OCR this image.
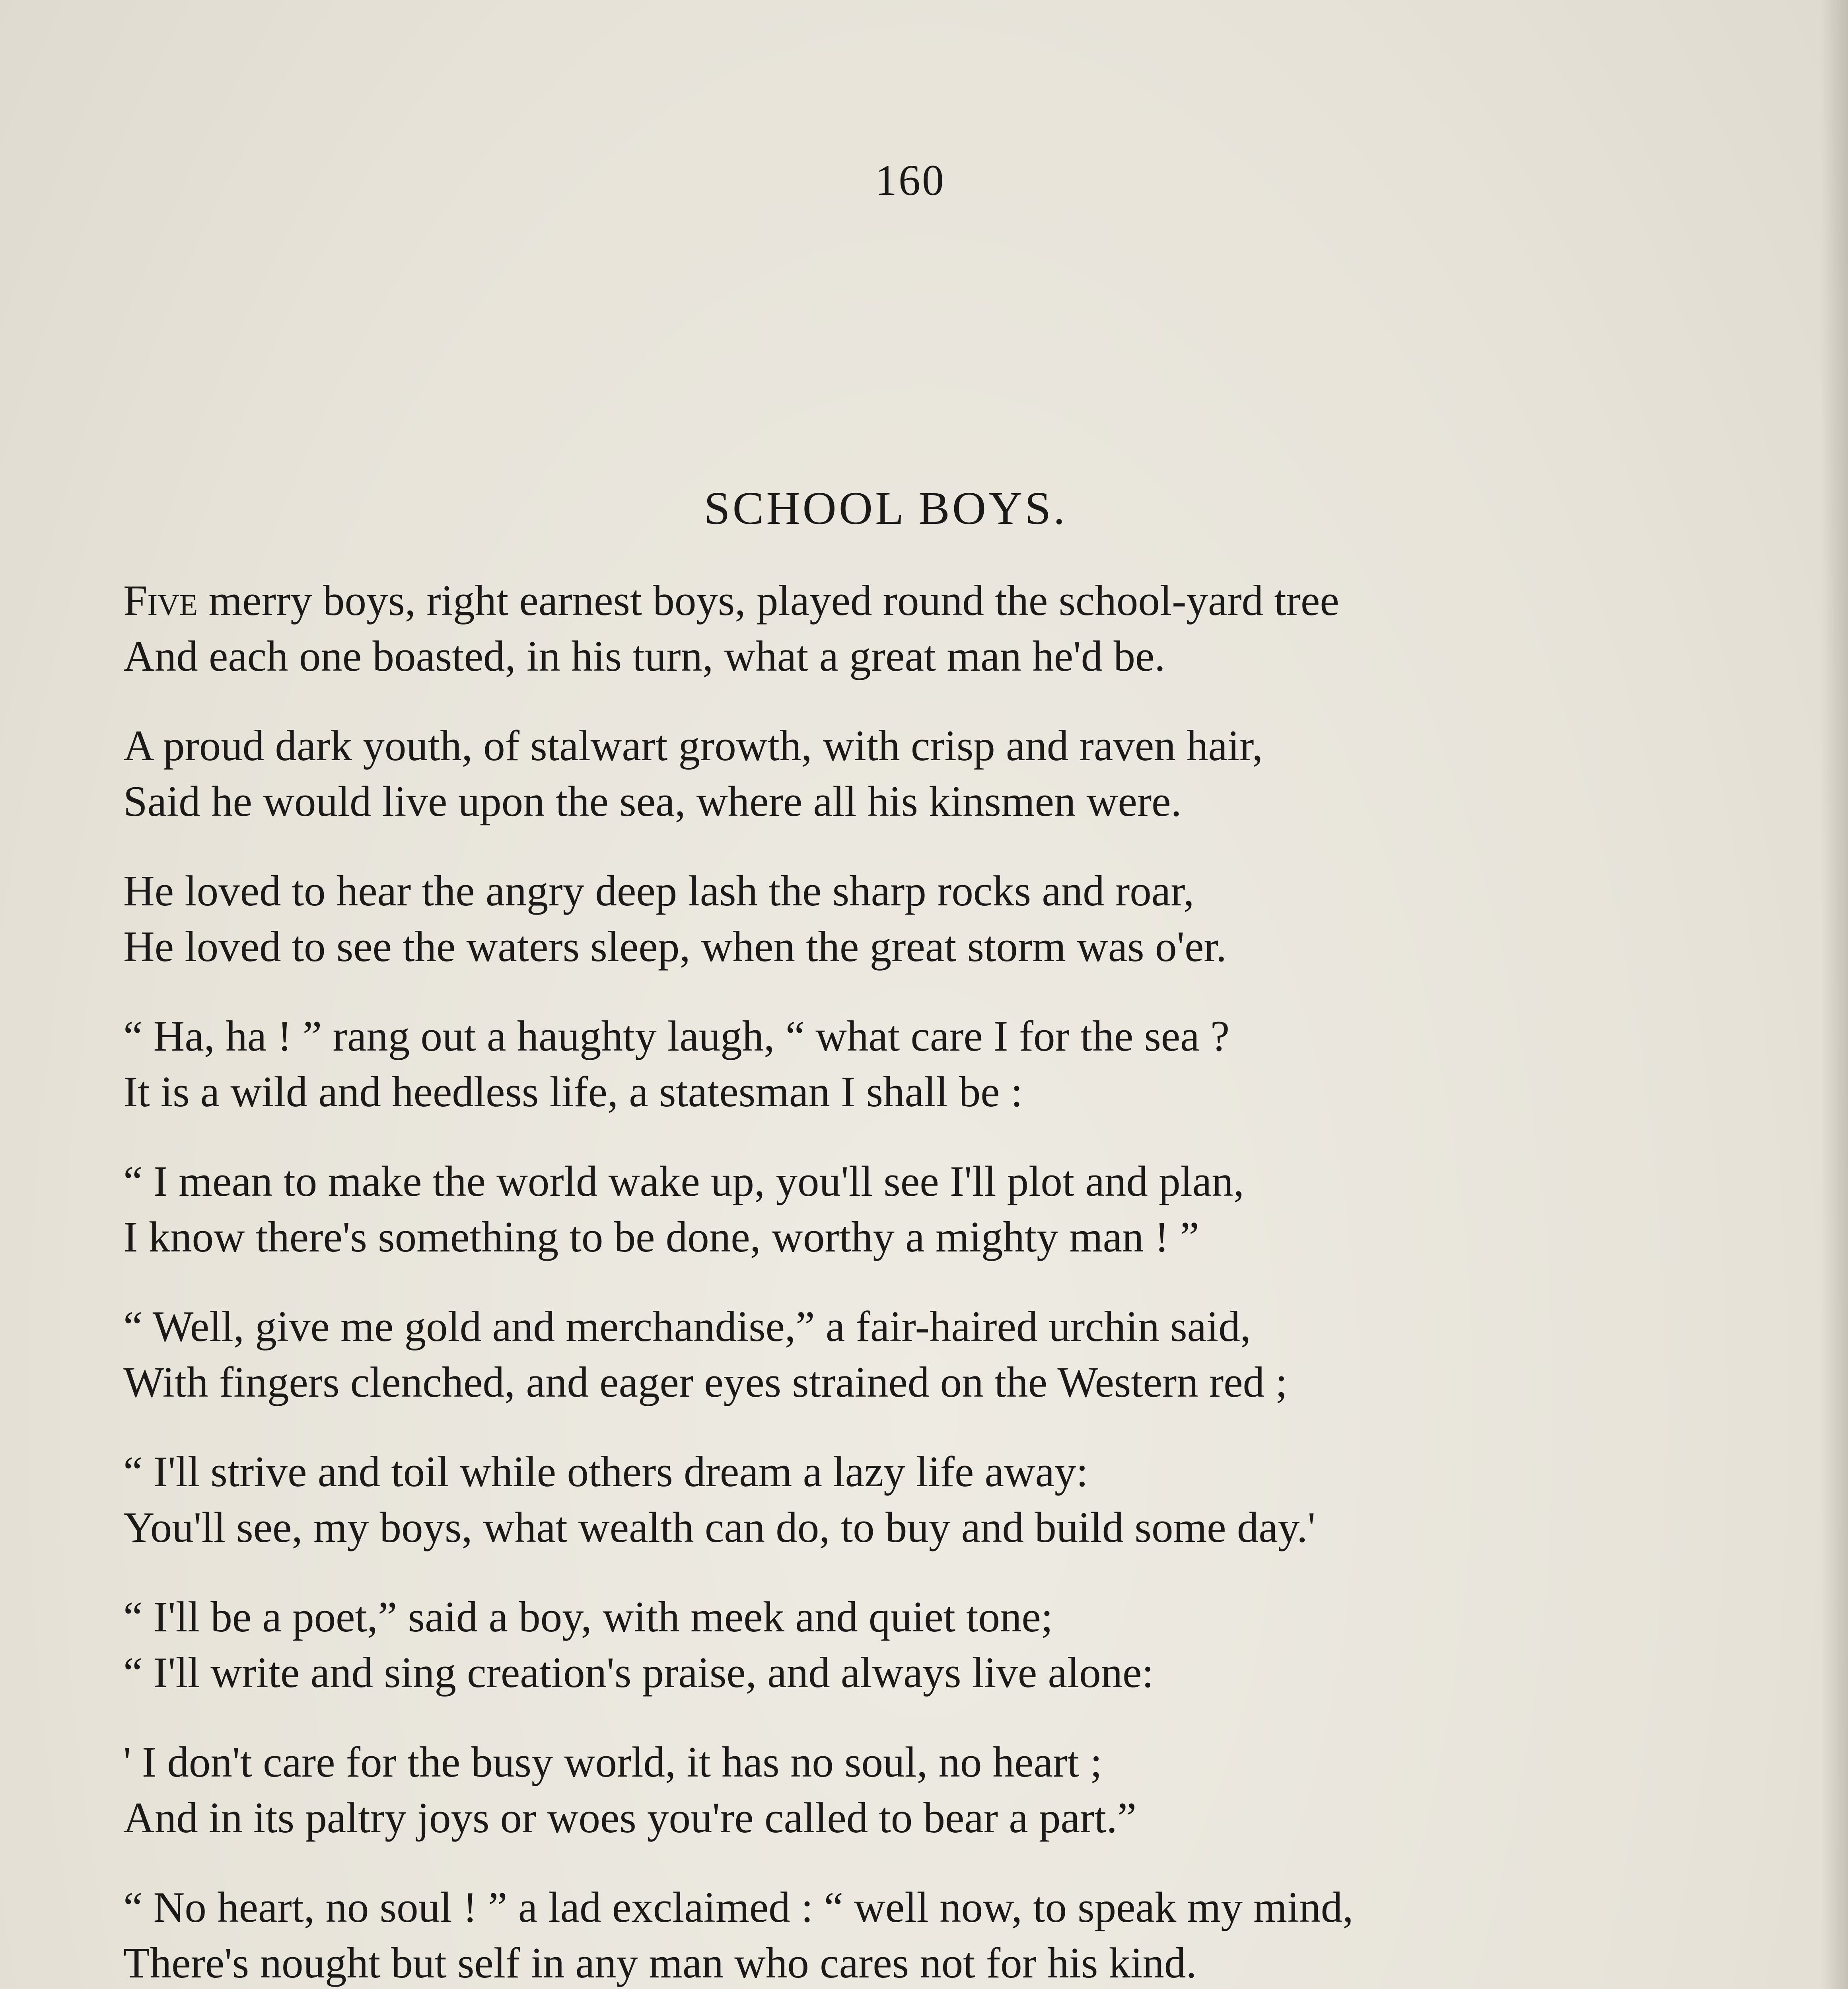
160
SCHOOL BOYS.
Five merry boys, right earnest boys, played round the school-yard tree
And each one boasted, in his turn, what a great man he'd be.
A proud dark youth, of stalwart growth, with crisp and raven hair,
Said he would live upon the sea, where all his kinsmen were.
He loved to hear the angry deep lash the sharp rocks and roar,
He loved to see the waters sleep, when the great storm was o'er.
“ Ha, ha ! ” rang out a haughty laugh, “ what care I for the sea ?
It is a wild and heedless life, a statesman I shall be :
“ I mean to make the world wake up, you'll see I'll plot and plan,
I know there's something to be done, worthy a mighty man ! ”
“ Well, give me gold and merchandise,” a fair-haired urchin said,
With fingers clenched, and eager eyes strained on the Western red ;
“ I'll strive and toil while others dream a lazy life away:
You'll see, my boys, what wealth can do, to buy and build some day.'
“ I'll be a poet,” said a boy, with meek and quiet tone;
“ I'll write and sing creation's praise, and always live alone:
' I don't care for the busy world, it has no soul, no heart ;
And in its paltry joys or woes you're called to bear a part.”
“ No heart, no soul ! ” a lad exclaimed : “ well now, to speak my mind,
There's nought but self in any man who cares not for his kind.
